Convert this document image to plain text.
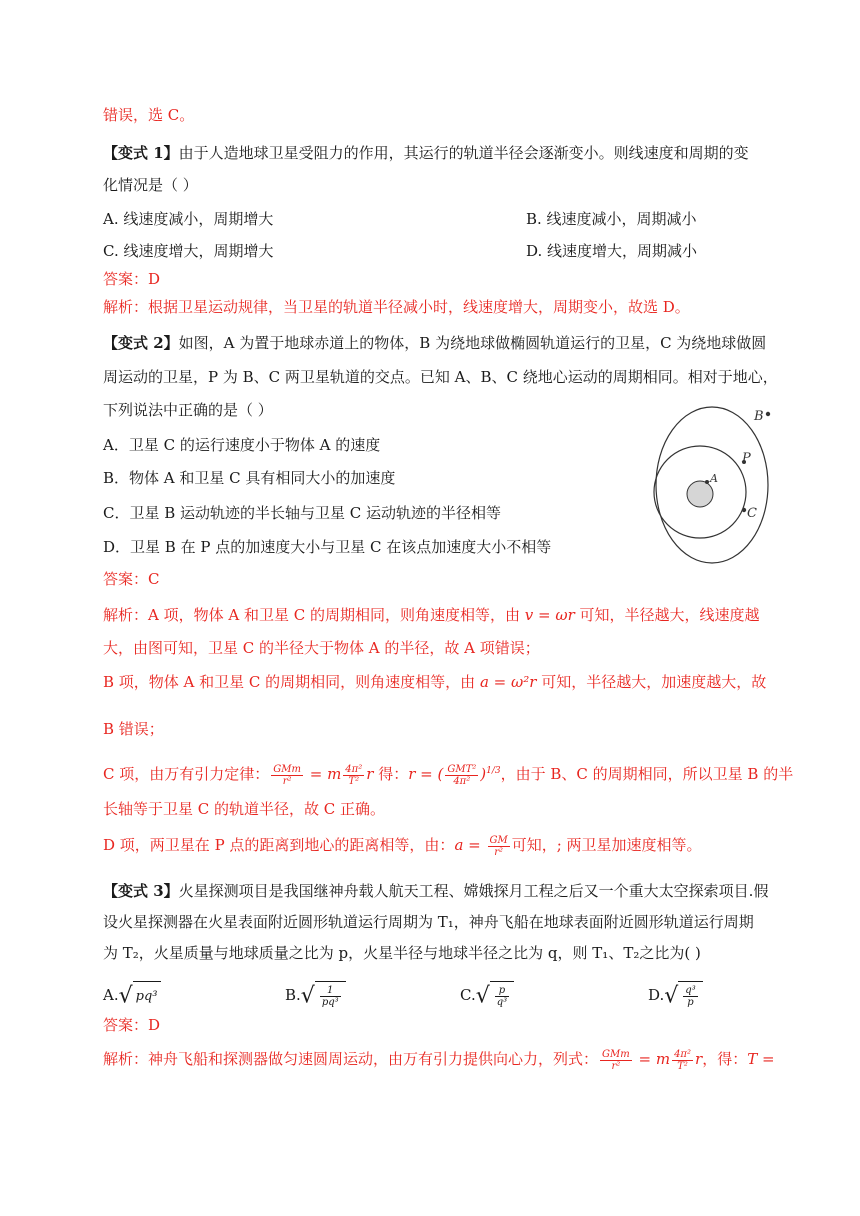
错误，选 C。
【变式 1】由于人造地球卫星受阻力的作用，其运行的轨道半径会逐渐变小。则线速度和周期的变
化情况是（ ）
A. 线速度减小，周期增大	B. 线速度减小，周期减小
C. 线速度增大，周期增大	D. 线速度增大，周期减小
答案：D
解析：根据卫星运动规律，当卫星的轨道半径减小时，线速度增大，周期变小，故选 D。
【变式 2】如图，A 为置于地球赤道上的物体，B 为绕地球做椭圆轨道运行的卫星，C 为绕地球做圆
周运动的卫星，P 为 B、C 两卫星轨道的交点。已知 A、B、C 绕地心运动的周期相同。相对于地心，
下列说法中正确的是（ ）
A．卫星 C 的运行速度小于物体 A 的速度
B．物体 A 和卫星 C 具有相同大小的加速度
C．卫星 B 运动轨迹的半长轴与卫星 C 运动轨迹的半径相等
D．卫星 B 在 P 点的加速度大小与卫星 C 在该点加速度大小不相等
B
P
A
C
答案：C
解析：A 项，物体 A 和卫星 C 的周期相同，则角速度相等，由 v = ωr 可知，半径越大，线速度越
大，由图可知，卫星 C 的半径大于物体 A 的半径，故 A 项错误；
B 项，物体 A 和卫星 C 的周期相同，则角速度相等，由 a = ω²r 可知，半径越大，加速度越大，故
B 错误；
C 项，由万有引力定律： $\frac{\text{GMm}}{\text{r²}} = m \frac{\text{4π²}}{\text{T²}}$ r 得：r = ( $\frac{\text{GMT²}}{\text{4π²}} )^{1/3}$，由于 B、C 的周期相同，所以卫星 B 的半
长轴等于卫星 C 的轨道半径，故 C 正确。
D 项，两卫星在 P 点的距离到地心的距离相等，由：$a = \frac{GM}{\text{r²}}$ 可知，; 两卫星加速度相等。
【变式 3】火星探测项目是我国继神舟载人航天工程、嫦娥探月工程之后又一个重大太空探索项目.假
设火星探测器在火星表面附近圆形轨道运行周期为 T₁，神舟飞船在地球表面附近圆形轨道运行周期
为 T₂，火星质量与地球质量之比为 p，火星半径与地球半径之比为 q，则 T₁、T₂之比为( )
A.√ pq³	$B.√ \frac{1}{\text{pq³}}$	$C.√ \frac{p}{\text{q³}}$	$D.√ \frac{\text{q³}}{p}$
答案：D
解析：神舟飞船和探测器做匀速圆周运动，由万有引力提供向心力，列式： $\frac{\text{GMm}}{\text{r²}} = m \frac{\text{4π²}}{\text{T²}}$ r，得：T =
